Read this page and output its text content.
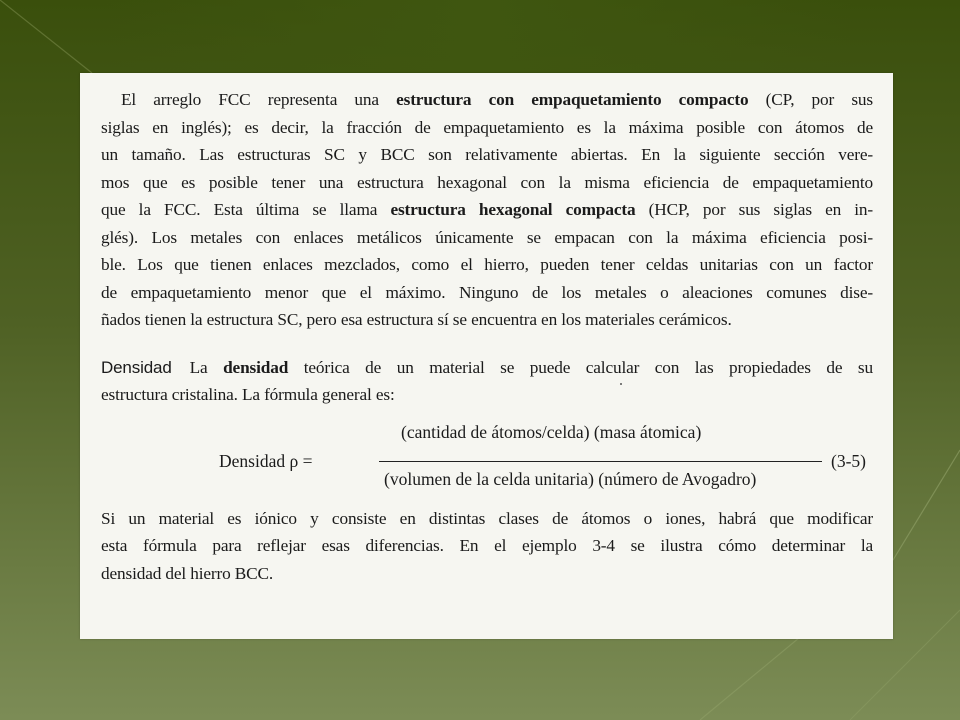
El arreglo FCC representa una estructura con empaquetamiento compacto (CP, por sus
siglas en inglés); es decir, la fracción de empaquetamiento es la máxima posible con átomos de
un tamaño. Las estructuras SC y BCC son relativamente abiertas. En la siguiente sección vere-
mos que es posible tener una estructura hexagonal con la misma eficiencia de empaquetamiento
que la FCC. Esta última se llama estructura hexagonal compacta (HCP, por sus siglas en in-
glés). Los metales con enlaces metálicos únicamente se empacan con la máxima eficiencia posi-
ble. Los que tienen enlaces mezclados, como el hierro, pueden tener celdas unitarias con un factor
de empaquetamiento menor que el máximo. Ninguno de los metales o aleaciones comunes dise-
ñados tienen la estructura SC, pero esa estructura sí se encuentra en los materiales cerámicos.
Densidad La densidad teórica de un material se puede calcular con las propiedades de su
estructura cristalina. La fórmula general es:
Densidad ρ =
(cantidad de átomos/celda) (masa átomica)
(volumen de la celda unitaria) (número de Avogadro)
(3-5)
Si un material es iónico y consiste en distintas clases de átomos o iones, habrá que modificar
esta fórmula para reflejar esas diferencias. En el ejemplo 3-4 se ilustra cómo determinar la
densidad del hierro BCC.
